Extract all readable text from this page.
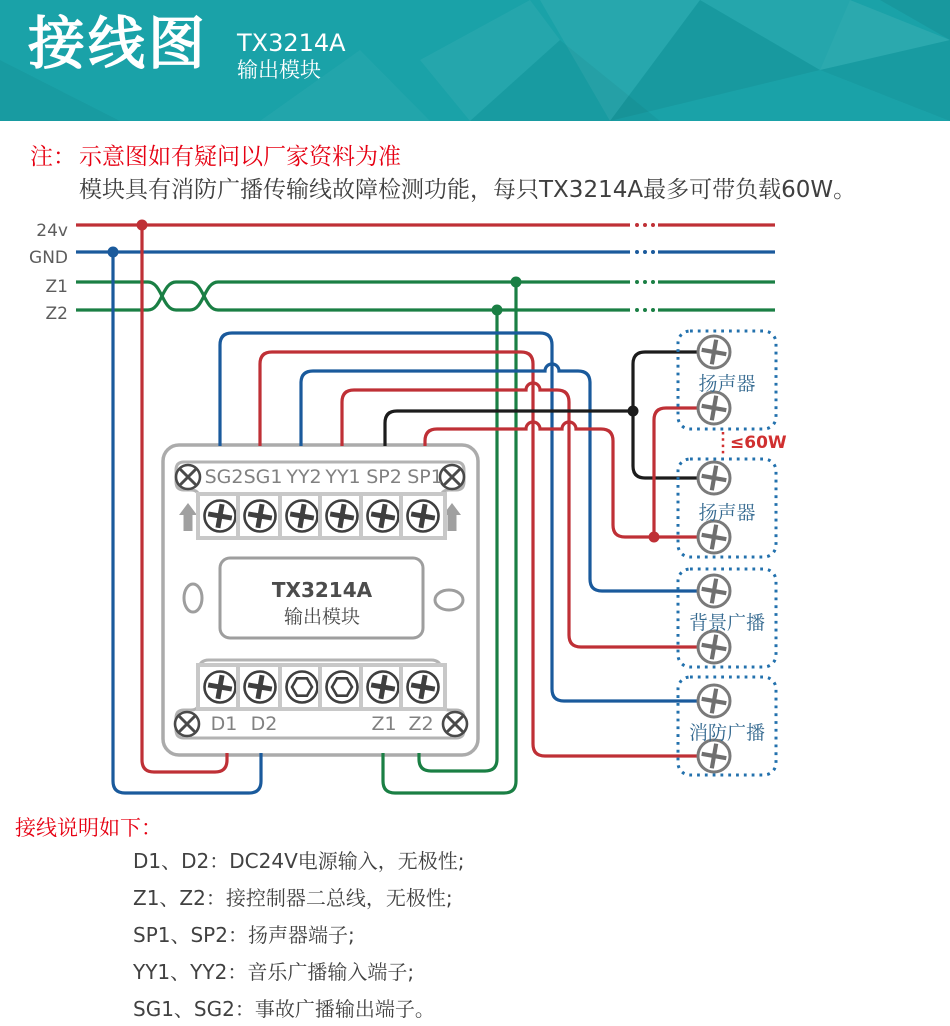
接线图 TX3214A
输出模块
注： 示意图如有疑问以厂家资料为准
模块具有消防广播传输线故障检测功能，每只TX3214A最多可带负载60W。
24v
GND
Z1
Z2
SG2 SG1 YY2 YY1 SP2 SP1
D1 D2	Z1 Z2
TX3214A
输出模块
扬声器
扬声器
背景广播
消防广播
≤60W
接线说明如下：
D1、D2：DC24V电源输入，无极性;
Z1、Z2：接控制器二总线，无极性;
SP1、SP2：扬声器端子;
YY1、YY2：音乐广播输入端子;
SG1、SG2：事故广播输出端子。
